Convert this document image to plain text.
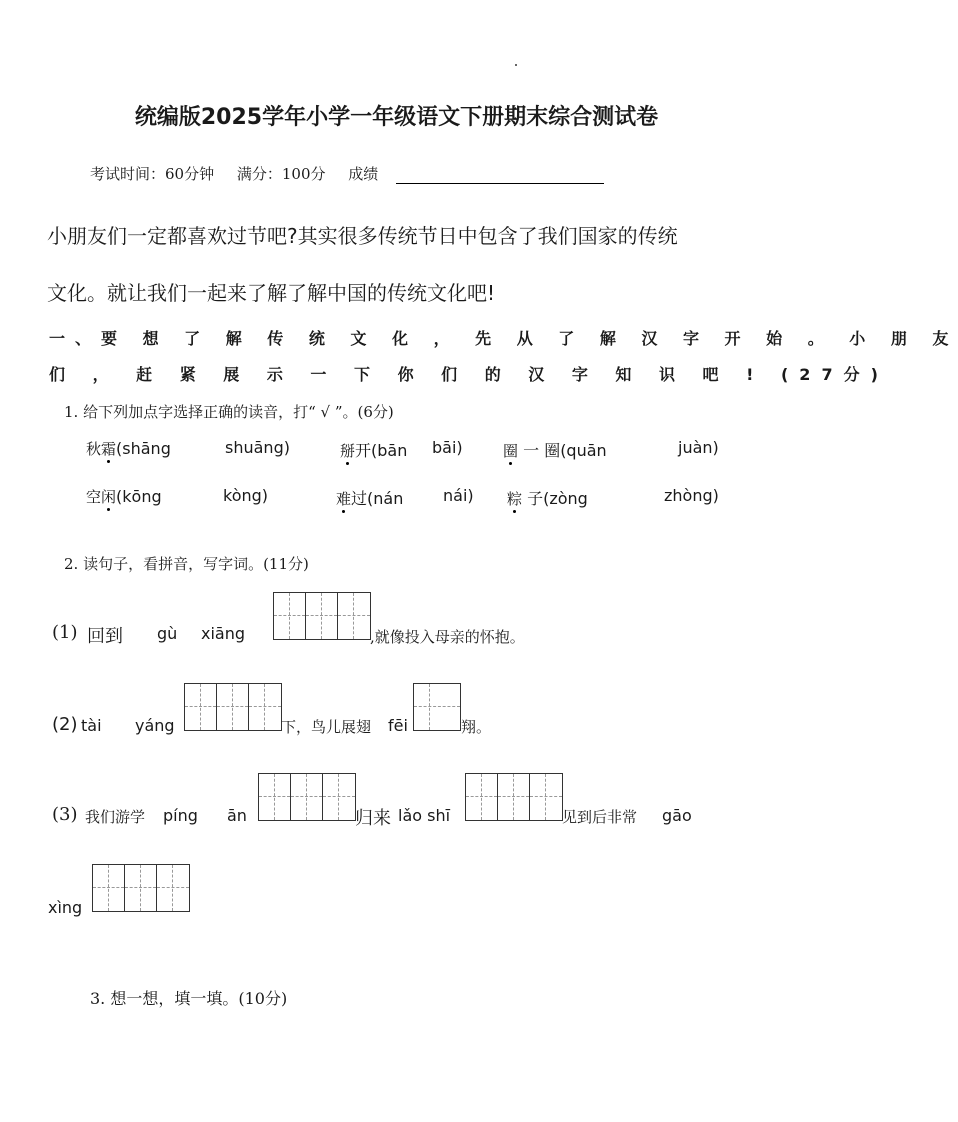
统编版2025学年小学一年级语文下册期末综合测试卷
考试时间：60分钟 满分：100分 成绩
小朋友们一定都喜欢过节吧?其实很多传统节日中包含了我们国家的传统
文化。就让我们一起来了解了解中国的传统文化吧!
一、要 想 了 解 传 统 文 化 ， 先 从 了 解 汉 字 开 始 。 小 朋 友
们 ， 赶 紧 展 示 一 下 你 们 的 汉 字 知 识 吧 ! (27分)
1. 给下列加点字选择正确的读音，打“ √ ”。(6分)
秋霜(shāng	shuāng)	掰开(bān bāi)	圈 一 圈(quān	juàn)
空闲(kōng	kòng)	难过(nán nái) 粽 子(zòng	zhòng)
2. 读句子，看拼音，写字词。(11分)
(1) 回到 gù xiāng	,就像投入母亲的怀抱。
(2) tài yáng	下，鸟儿展翅 fēi	翔。
(3) 我们游学 píng ān	归来 lǎo shī	见到后非常 gāo
xìng
3. 想一想，填一填。(10分)
